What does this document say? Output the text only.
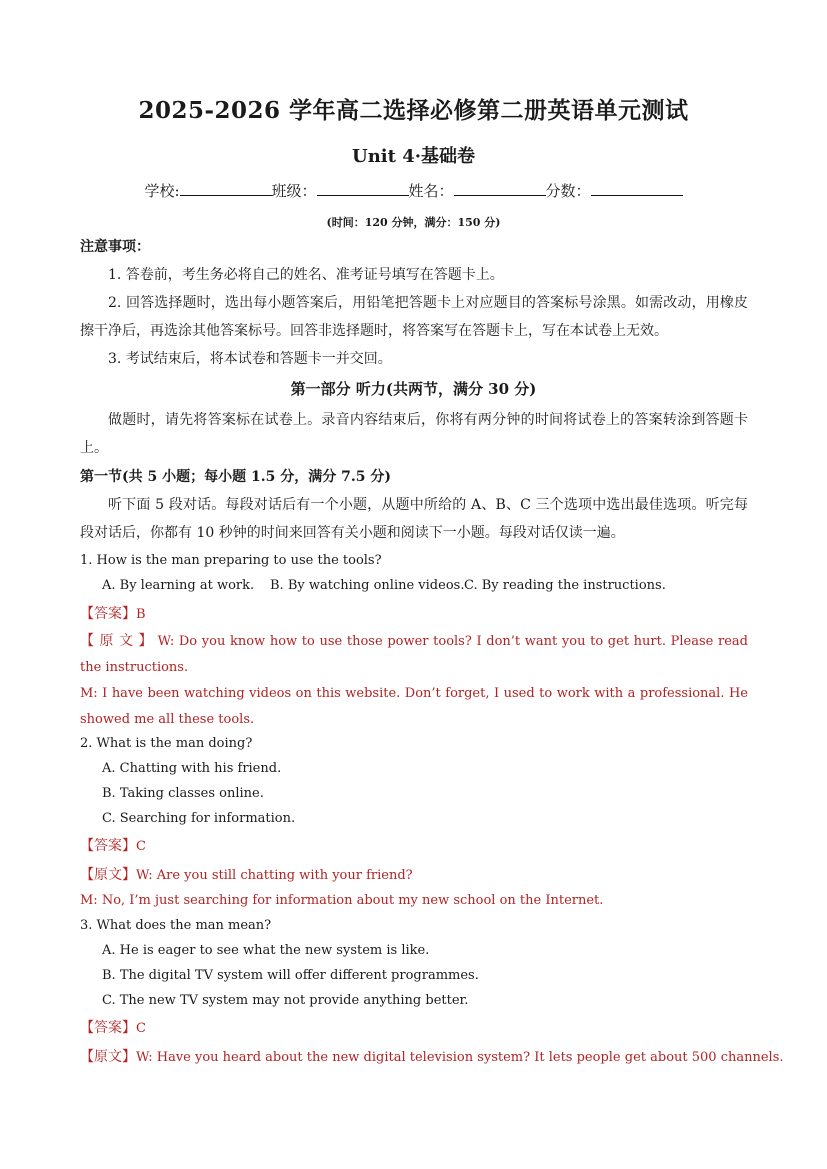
2025-2026 学年高二选择必修第二册英语单元测试
Unit 4·基础卷
学校:	班级：	姓名：	分数：
(时间：120 分钟，满分：150 分)
注意事项：
1. 答卷前，考生务必将自己的姓名、准考证号填写在答题卡上。
2. 回答选择题时，选出每小题答案后，用铅笔把答题卡上对应题目的答案标号涂黑。如需改动，用橡皮擦干净后，再选涂其他答案标号。回答非选择题时，将答案写在答题卡上，写在本试卷上无效。
3. 考试结束后，将本试卷和答题卡一并交回。
第一部分 听力(共两节，满分 30 分)
做题时，请先将答案标在试卷上。录音内容结束后，你将有两分钟的时间将试卷上的答案转涂到答题卡上。
第一节(共 5 小题；每小题 1.5 分，满分 7.5 分)
听下面 5 段对话。每段对话后有一个小题，从题中所给的 A、B、C 三个选项中选出最佳选项。听完每段对话后，你都有 10 秒钟的时间来回答有关小题和阅读下一小题。每段对话仅读一遍。
1. How is the man preparing to use the tools?
A. By learning at work. B. By watching online videos. C. By reading the instructions.
【答案】B
【 原 文 】 W: Do you know how to use those power tools? I don’t want you to get hurt. Please read the instructions.
M: I have been watching videos on this website. Don’t forget, I used to work with a professional. He showed me all these tools.
2. What is the man doing?
A. Chatting with his friend.
B. Taking classes online.
C. Searching for information.
【答案】C
【原文】W: Are you still chatting with your friend?
M: No, I’m just searching for information about my new school on the Internet.
3. What does the man mean?
A. He is eager to see what the new system is like.
B. The digital TV system will offer different programmes.
C. The new TV system may not provide anything better.
【答案】C
【原文】W: Have you heard about the new digital television system? It lets people get about 500 channels.
